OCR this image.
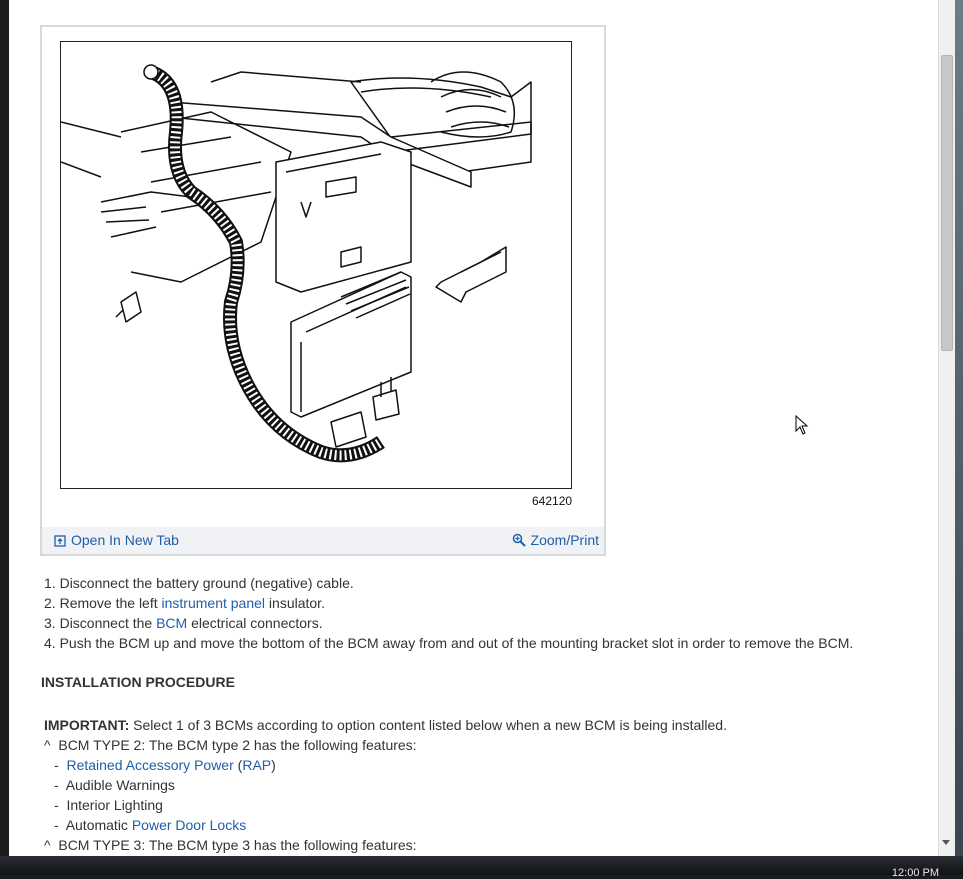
642120
Open In New Tab	Zoom/Print
1. Disconnect the battery ground (negative) cable.
2. Remove the left instrument panel insulator.
3. Disconnect the BCM electrical connectors.
4. Push the BCM up and move the bottom of the BCM away from and out of the mounting bracket slot in order to remove the BCM.
INSTALLATION PROCEDURE
IMPORTANT: Select 1 of 3 BCMs according to option content listed below when a new BCM is being installed.
^ BCM TYPE 2: The BCM type 2 has the following features:
- Retained Accessory Power (RAP)
- Audible Warnings
- Interior Lighting
- Automatic Power Door Locks
^ BCM TYPE 3: The BCM type 3 has the following features:
12:00 PM
